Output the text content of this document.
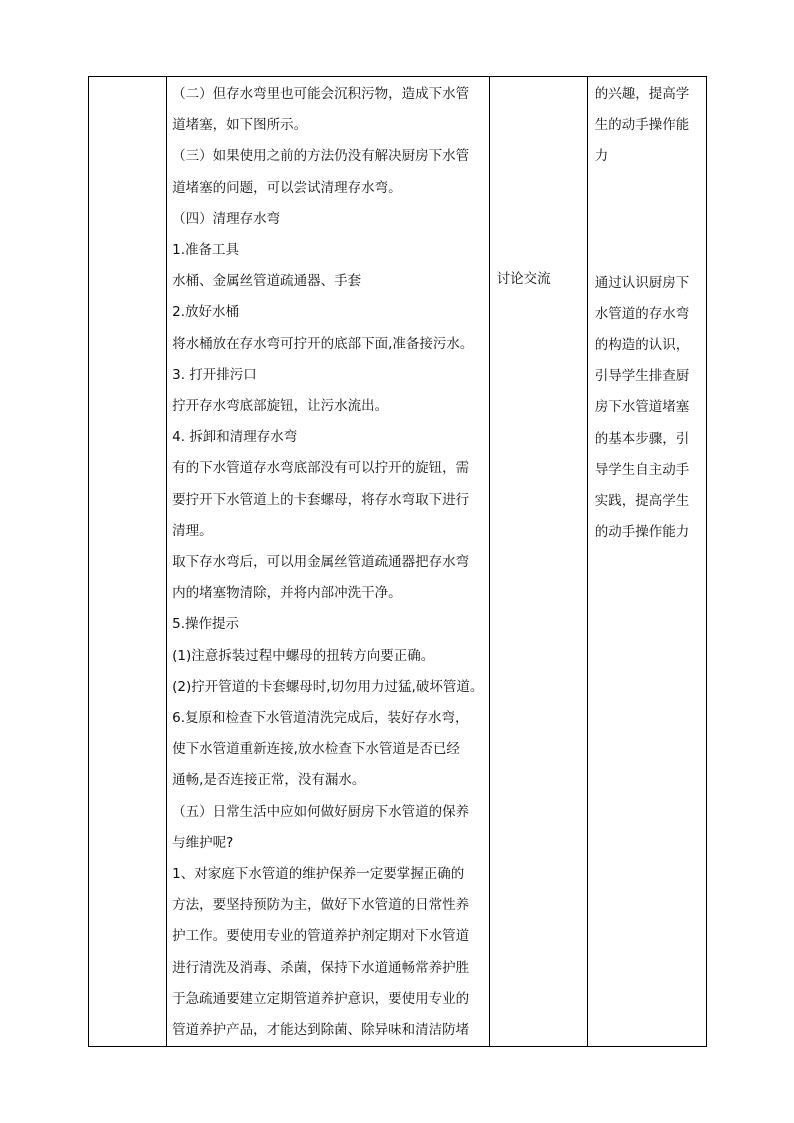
（二）但存水弯里也可能会沉积污物，造成下水管
道堵塞，如下图所示。
（三）如果使用之前的方法仍没有解决厨房下水管
道堵塞的问题，可以尝试清理存水弯。
（四）清理存水弯
1.准备工具
水桶、金属丝管道疏通器、手套
2.放好水桶
将水桶放在存水弯可拧开的底部下面,准备接污水。
3. 打开排污口
拧开存水弯底部旋钮，让污水流出。
4. 拆卸和清理存水弯
有的下水管道存水弯底部没有可以拧开的旋钮，需
要拧开下水管道上的卡套螺母，将存水弯取下进行
清理。
取下存水弯后，可以用金属丝管道疏通器把存水弯
内的堵塞物清除，并将内部冲洗干净。
5.操作提示
(1)注意拆装过程中螺母的扭转方向要正确。
(2)拧开管道的卡套螺母时,切勿用力过猛,破坏管道。
6.复原和检查下水管道清洗完成后，装好存水弯，
使下水管道重新连接,放水检查下水管道是否已经
通畅,是否连接正常，没有漏水。
（五）日常生活中应如何做好厨房下水管道的保养
与维护呢?
1、对家庭下水管道的维护保养一定要掌握正确的
方法，要坚持预防为主，做好下水管道的日常性养
护工作。要使用专业的管道养护剂定期对下水管道
进行清洗及消毒、杀菌，保持下水道通畅常养护胜
于急疏通要建立定期管道养护意识，要使用专业的
管道养护产品，才能达到除菌、除异味和清洁防堵

讨论交流

的兴趣，提高学
生的动手操作能
力
通过认识厨房下
水管道的存水弯
的构造的认识，
引导学生排查厨
房下水管道堵塞
的基本步骤，引
导学生自主动手
实践，提高学生
的动手操作能力
